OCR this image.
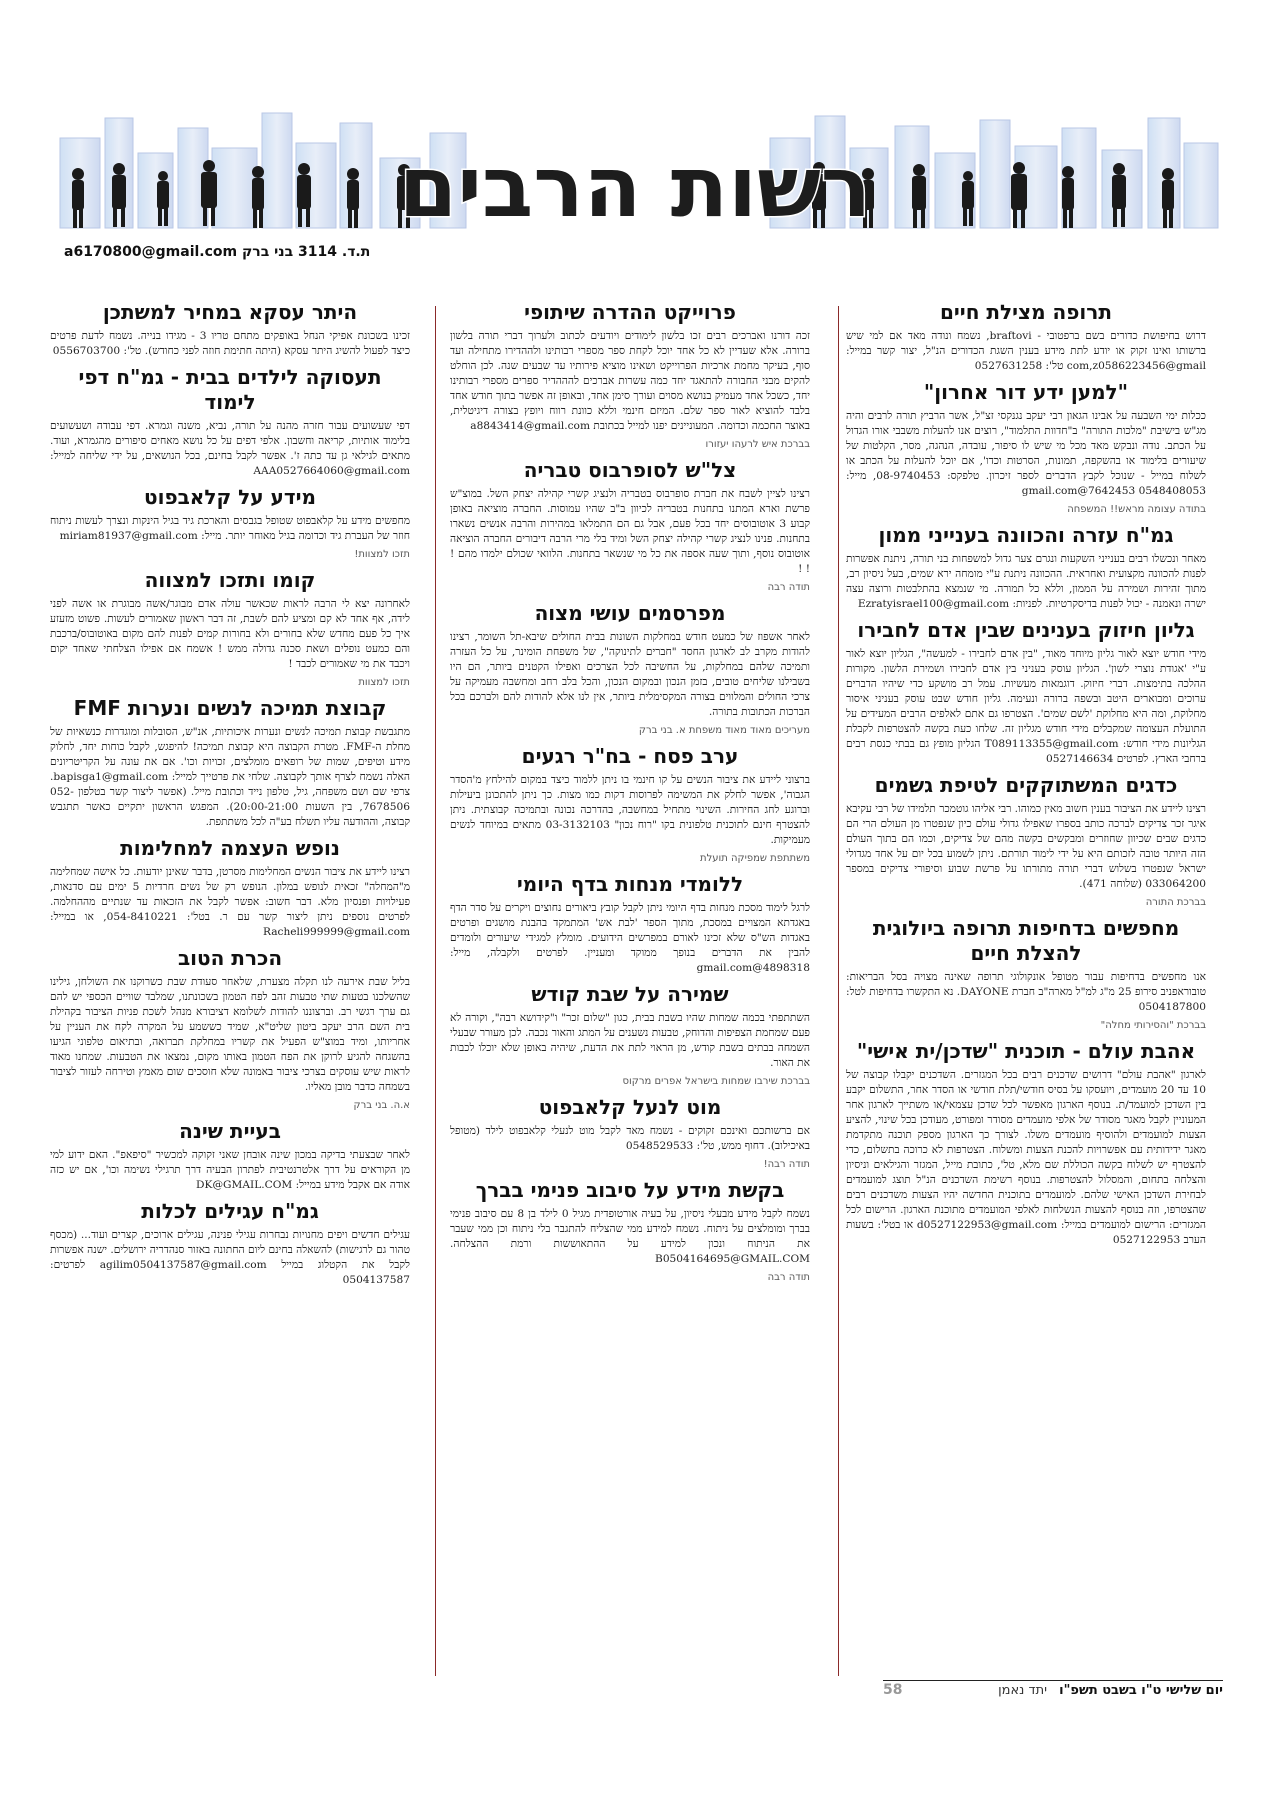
רשות הרבים
ת.ד. 3114 בני ברק a6170800@gmail.com
תרופה מצילת חיים

דרוש בחיפושת כדורים בשם ברפטובי - braftovi, נשמח ונודה מאד אם למי שיש ברשותו ואינו זקוק או יודע לתת מידע בענין השגת הכדורים הנ"ל, יצור קשר במייל: com,z0586223456@gmail טל': 0527631258

"למען ידע דור אחרון"

ככלות ימי השבעה על אבינו הגאון רבי יעקב נגנקסי זצ"ל, אשר הרביץ תורה לרבים והיה מג"ש בישיבת "מלכות התורה" ב"חדוות התלמוד", רוצים אנו להעלות משבבי אורו הגדול על הכתב. נודה ונבקש מאד מכל מי שיש לו סיפור, עובדה, הנהגה, מסר, הקלטות של שיעורים בלימוד או בהשקפה, תמונות, הסרטות וכדו', אם יוכל להעלות על הכתב או לשלוח במייל - שנוכל לקבץ הדברים לספר זיכרון. טלפקס: 08-9740453, מייל: 0548408053 7642453@gmail.com

בתודה עצומה מראש!! המשפחה
גמ"ח עזרה והכוונה בענייני ממון

מאחר ונכשלו רבים בענייני השקעות ונגרם צער גדול למשפחות בני תורה, ניתנת אפשרות לפנות להכוונה מקצועית ואחראית. ההכוונה ניתנת ע"י מומחה ירא שמים, בעל ניסיון רב, מתוך זהירות ושמירה על הממון, וללא כל תמורה. מי שנמצא בהתלבטות ורוצה עצה ישרה ונאמנה - יכול לפנות בדיסקרטיות. לפניות: Ezratyisrael100@gmail.com

גליון חיזוק בענינים שבין אדם לחבירו

מידי חודש יוצא לאור גליון מיוחד מאוד, "בין אדם לחבירו - למעשה", הגליון יוצא לאור ע"י 'אגודת נוצרי לשון'. הגליון עוסק בעניני בין אדם לחבירו ושמירת הלשון. מקורות ההלכה בתימצות. דברי חיזוק. דוגמאות מעשיות. עמל רב מושקע כדי שיהיו הדברים ערוכים ומבוארים היטב ובשפה ברורה ונעימה. גליון חודש שבט עוסק בעניני איסור מחלוקת, ומה היא מחלוקת 'לשם שמים'. הצטרפו גם אתם לאלפים הרבים המעידים על התועלת העצומה שמקבלים מידי חודש מגליון זה. שלחו כעת בקשה להצטרפות לקבלת הגליונות מידי חודש: T089113355@gmail.com הגליון מופץ גם בבתי כנסת רבים ברחבי הארץ. לפרטים 0527146634

כדגים המשתוקקים לטיפת גשמים

רצינו ליידע את הציבור בענין חשוב מאין כמוהו. רבי אליהו גוטמכר תלמידו של רבי עקיבא איגר זכר צדיקים לברכה כותב בספרו שאפילו גדולי עולם כיון שנפטרו מן העולם הרי הם כדגים שבים שכיוון שחוזרים ומבקשים בקשה מהם של צדיקים, וכמו הם בתוך העולם הזה היותר טובה לזכותם היא על ידי לימוד תורתם. ניתן לשמוע בכל יום על אחד מגדולי ישראל שנפטרו בשלוש דברי תורה מתורתו על פרשת שבוע וסיפורי צדיקים במספר 033064200 (שלוחה 471).

בברכת התורה
מחפשים בדחיפות תרופה ביולוגית להצלת חיים

אנו מחפשים בדחיפות עבור מטופל אונקולוגי תרופה שאינה מצויה בסל הבריאות: טובוראפניב סירופ 25 מ"ג למ"ל מארה"ב חברת DAYONE. נא התקשרו בדחיפות לטל: 0504187800

בברכת "והסירותי מחלה"
אהבת עולם - תוכנית "שדכן/ית אישי"

לארגון "אהבת עולם" דרושים שדכנים רבים בכל המגזרים. השדכנים יקבלו קבוצה של 10 עד 20 מועמדים, ויועסקו על בסיס חודשי/תלת חודשי או הסדר אחר, התשלום יקבע בין השדכן למועמד/ת. בנוסף הארגון מאפשר לכל שדכן עצמאי/או משתייך לארגון אחר המעוניין לקבל מאגר מסודר של אלפי מועמדים מסודר ומפורט, מעודכן בכל שינוי, להציע הצעות למועמדים ולהוסיף מועמדים משלו. לצורך כך הארגון מספק תוכנה מתקדמת מאגר ידידותית עם אפשרויות להכנת הצעות ומשלוח. הצטרפות לא כרוכה בתשלום, כדי להצטרף יש לשלוח בקשה הכוללת שם מלא, טל', כתובת מייל, המגזר והגילאים וניסיון והצלחה בתחום, והמסלול להצטרפות. בנוסף רשימת השדכנים הנ"ל תוצג למועמדים לבחירת השדכן האישי שלהם. למועמדים בתוכנית החדשה יהיו הצעות משדכנים רבים שהצטרפו, וזה בנוסף להצעות הנשלחות לאלפי המועמדים מתוכנת הארגון. הרישום לכל המגזרים: הרישום למועמדים במייל: d0527122953@gmail.com או בטל': בשעות הערב 0527122953

פרוייקט ההדרה שיתופי

זכה דורנו ואברכים רבים זכו בלשון לימודים ויודעים לכתוב ולערוך דברי תורה בלשון ברורה. אלא שעדיין לא כל אחד יוכל לקחת ספר מספרי רבותינו ולההדירו מתחילה ועד סוף, בעיקר מחמת ארכיות הפרוייקט ושאינו מוציא פירותיו עד שבעים שנה. לכן הוחלט להקים מבני החבורה להתאגד יחד כמה עשרות אברכים להההדיר ספרים מספרי רבותינו יחד, כשכל אחד מעמיק בנושא מסוים ועורך סימן אחד, ובאופן זה אפשר בתוך חודש אחד בלבד להוציא לאור ספר שלם. המיזם חינמי וללא כוונת רווח ויופץ בצורה דיגיטלית, באוצר החכמה וכדומה. המעוניינים יפנו למייל בכתובת a8843414@gmail.com

בברכת איש לרעהו יעזורו
צל"ש לסופרבוס טבריה

רצינו לציין לשבח את חברת סופרבוס בטבריה ולנציג קשרי קהילה יצחק השל. במוצ"ש פרשת וארא המתנו בתחנות בטבריה לכיוון ב"ב שהיו עמוסות. החברה מוציאה באופן קבוע 3 אוטובוסים יחד בכל פעם, אבל גם הם התמלאו במהירות והרבה אנשים נשארו בתחנות. פנינו לנציג קשרי קהילה יצחק השל ומיד בלי מרי הרבה דיבורים החברה הוציאה אוטובוס נוסף, ותוך שעה אספה את כל מי שנשאר בתחנות. הלוואי שכולם ילמדו מהם ! ! !

תודה רבה
מפרסמים עושי מצוה

לאחר אשפוז של כמעט חודש במחלקות השונות בבית החולים שיבא-תל השומר, רצינו להודות מקרב לב לארגון החסד "חברים לתינוקה", של משפחת הומינר, על כל העזרה ותמיכה שלהם במחלקות, על החשיבה לכל הצרכים ואפילו הקטנים ביותר, הם היו בשבילנו שליחים טובים, בזמן הנכון ובמקום הנכון, והכל בלב רחב ומחשבה מעמיקה על צרכי החולים והמלווים בצורה המקסימלית ביותר, אין לנו אלא להודות להם ולברכם בכל הברכות הכתובות בתורה.

מעריכים מאוד מאוד משפחת א. בני ברק
ערב פסח - בח"ר רגעים

ברצוני ליידע את ציבור הנשים על קו חינמי בו ניתן ללמוד כיצד במקום להילחץ מ'הסדר הגבוה', אפשר לחלק את המשימה לפרוסות דקות כמו מצות. כך ניתן להתכונן ביעילות וברוגע לחג החירות. השינוי מתחיל במחשבה, בהדרכה נכונה ובתמיכה קבוצתית. ניתן להצטרף חינם לתוכנית טלפונית בקו "רוח נכון" 03-3132103 מתאים במיוחד לנשים מעמיקות.

משתתפת שמפיקה תועלת
ללומדי מנחות בדף היומי

לרגל לימוד מסכת מנחות בדף היומי ניתן לקבל קובץ ביאורים נחוצים ויקרים על סדר הדף באגדתא המצויים במסכת, מתוך הספר 'לבת אש' המתמקד בהבנת מושגים ופרטים באגדות הש"ס שלא זכינו לאורם במפרשים הידועים. מומלץ למגידי שיעורים ולומדים להבין את הדברים בנופך ממוקד ומעניין. לפרטים ולקבלה, מייל: 4898318@gmail.com

שמירה על שבת קודש

השתתפתי בכמה שמחות שהיו בשבת בבית, כגון "שלום זכר" ו"קידושא רבה", וקורה לא פעם שמחמת הצפיפות והדוחק, טבעות נשענים על המתג והאור נכבה. לכן מעורר שבעלי השמחה בבתים בשבת קודש, מן הראוי לתת את הדעת, שיהיה באופן שלא יוכלו לכבות את האור.

בברכת שירבו שמחות בישראל אפרים מרקוס
מוט לנעל קלאבפוט

אם ברשותכם ואינכם זקוקים - נשמח מאד לקבל מוט לנעלי קלאבפוט לילד (מטופל באיכילוב). דחוף ממש, טל': 0548529533

תודה רבה!
בקשת מידע על סיבוב פנימי בברך

נשמח לקבל מידע מבעלי ניסיון, על בעיה אורטופדית מגיל 0 לילד בן 8 עם סיבוב פנימי בברך ומומלצים על ניתוח. נשמח למידע ממי שהצליח להתגבר בלי ניתוח וכן ממי שעבר את הניתוח ונכון למידע על ההתאוששות ורמת ההצלחה. B0504164695@GMAIL.COM

תודה רבה
היתר עסקא במחיר למשתכן

זכינו בשכונת אפיקי הנחל באופקים מתחם טריו 3 - מגידו בנייה. נשמח לדעת פרטים כיצד לפעול להשיג היתר עסקא (היתה חתימת חוזה לפני כחודש). טל': 0556703700

תעסוקה לילדים בבית - גמ"ח דפי לימוד

דפי שעשועים עבור חזרה מהנה על תורה, נביא, משנה וגמרא. דפי עבודה ושעשועים בלימוד אותיות, קריאה וחשבון. אלפי דפים על כל נושא מאחים סיפורים מהגמרא, ועוד. מתאים לגילאי גן עד כתה ז'. אפשר לקבל בחינם, בכל הנושאים, על ידי שליחה למייל: AAA0527664060@gmail.com

מידע על קלאבפוט

מחפשים מידע על קלאבפוט שטופל בגבסים והארכת גיד בגיל הינקות ונצרך לעשות ניתוח חוזר של העברת גיד וכדומה בגיל מאוחר יותר. מייל: miriam81937@gmail.com

תזכו למצוות!
קומו ותזכו למצווה

לאחרונה יצא לי הרבה לראות שכאשר עולה אדם מבוגר/אשה מבוגרת או אשה לפני לידה, אף אחד לא קם ומציע להם לשבת, זה דבר ראשון שאמורים לעשות. פשוט מזעזע איך כל פעם מחדש שלא בחורים ולא בחורות קמים לפנות להם מקום באוטובוס/ברכבת והם כמעט נופלים ושאת סכנה גדולה ממש ! אשמח אם אפילו הצלחתי שאחד יקום ויכבד את מי שאמורים לכבד !

תזכו למצוות
קבוצת תמיכה לנשים ונערות FMF

מתגבשת קבוצת תמיכה לנשים ונערות איכותיות, אנ"ש, הסובלות ומוגדרות כנשאיות של מחלת ה-FMF. מטרת הקבוצה היא קבוצת תמיכה! להיפגש, לקבל כוחות יחד, לחלוק מידע וטיפים, שמות של רופאים מומלצים, זכויות וכו'. אם את עונה על הקריטריונים האלה נשמח לצרף אותך לקבוצה. שלחי את פרטייך למייל: bapisga1@gmail.com. צרפי שם ושם משפחה, גיל, טלפון נייד וכתובת מייל. (אפשר ליצור קשר בטלפון 052-7678506, בין השעות 20:00-21:00). המפגש הראשון יתקיים כאשר תתגבש קבוצה, וההודעה עליו תשלח בע"ה לכל משתתפת.

נופש העצמה למחלימות

רצינו ליידע את ציבור הנשים המחלימות מסרטן, בדבר שאינן יודעות. כל אישה שמחלימה מ"המחלה" זכאית לנופש במלון. הנופש רק של נשים חרדיות 5 ימים עם סדנאות, פעילויות ופנסיון מלא. דבר חשוב: אפשר לקבל את הזכאות עד שנתיים מההחלמה. לפרטים נוספים ניתן ליצור קשר עם ר. בטל': 054-8410221, או במייל: Racheli999999@gmail.com

הכרת הטוב

בליל שבת אירעה לנו תקלה מצערת, שלאחר סעודת שבת כשרוקנו את השולחן, גילינו שהשלכנו בטעות שתי טבעות זהב לפח הטמון בשכונתנו, שמלבד שוויים הכספי יש להם גם ערך רגשי רב. וברצוננו להודות לשלומא דציבורא מנהל לשכת פניות הציבור בקהילת בית השם הרב יעקב ביטון שליט"א, שמיד כששמע על המקרה לקח את העניין על אחריותו, ומיד במוצ"ש הפעיל את קשריו במחלקת תברואה, ובתיאום טלפוני הגיעו בהשגחה להגיע לרוקן את הפח הטמון באותו מקום, נמצאו את הטבעות. שמחנו מאוד לראות שיש עוסקים בצרכי ציבור באמונה שלא חוסכים שום מאמץ וטירחה לעזור לציבור בשמחה כדבר מובן מאליו.

א.ה. בני ברק
בעיית שינה

לאחר שבצעתי בדיקה במכון שינה אובחן שאני זקוקה למכשיר "סיפאפ". האם ידוע למי מן הקוראים על דרך אלטרנטיבית לפתרון הבעיה דרך תרגילי נשימה וכו', אם יש כזה אודה אם אקבל מידע במייל: DK@GMAIL.COM

גמ"ח עגילים לכלות

עגילים חדשים ויפים מחנויות נבחרות עגילי פנינה, עגילים ארוכים, קצרים ועוד... (מכסף טהור גם לרגישות) להשאלה בחינם ליום החתונה באזור סנהדריה ירושלים. ישנה אפשרות לקבל את הקטלוג במייל agilim0504137587@gmail.com לפרטים: 0504137587

יום שלישי ט"ו בשבט תשפ"ו יתד נאמן
58
